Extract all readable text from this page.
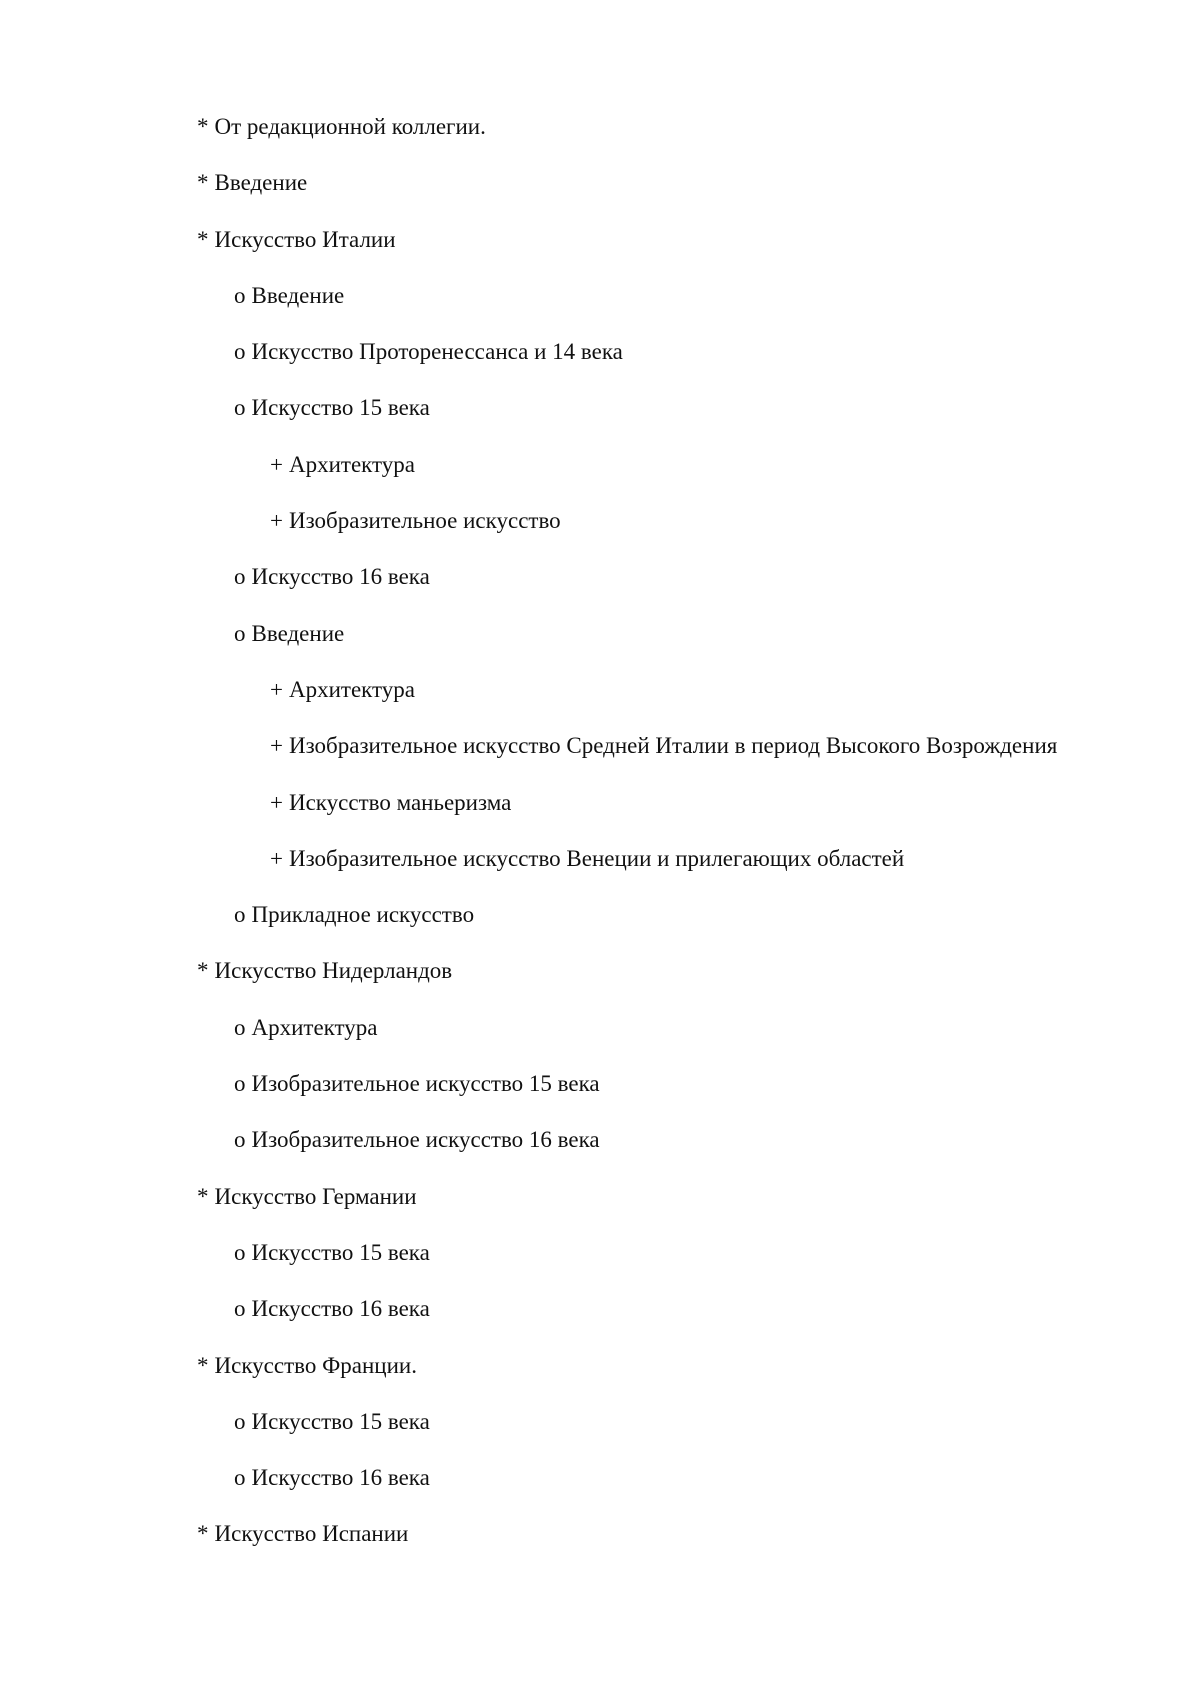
* От редакционной коллегии.
* Введение
* Искусство Италии
o Введение
o Искусство Проторенессанса и 14 века
o Искусство 15 века
+ Архитектура
+ Изобразительное искусство
o Искусство 16 века
o Введение
+ Архитектура
+ Изобразительное искусство Средней Италии в период Высокого Возрождения
+ Искусство маньеризма
+ Изобразительное искусство Венеции и прилегающих областей
o Прикладное искусство
* Искусство Нидерландов
o Архитектура
o Изобразительное искусство 15 века
o Изобразительное искусство 16 века
* Искусство Германии
o Искусство 15 века
o Искусство 16 века
* Искусство Франции.
o Искусство 15 века
o Искусство 16 века
* Искусство Испании
